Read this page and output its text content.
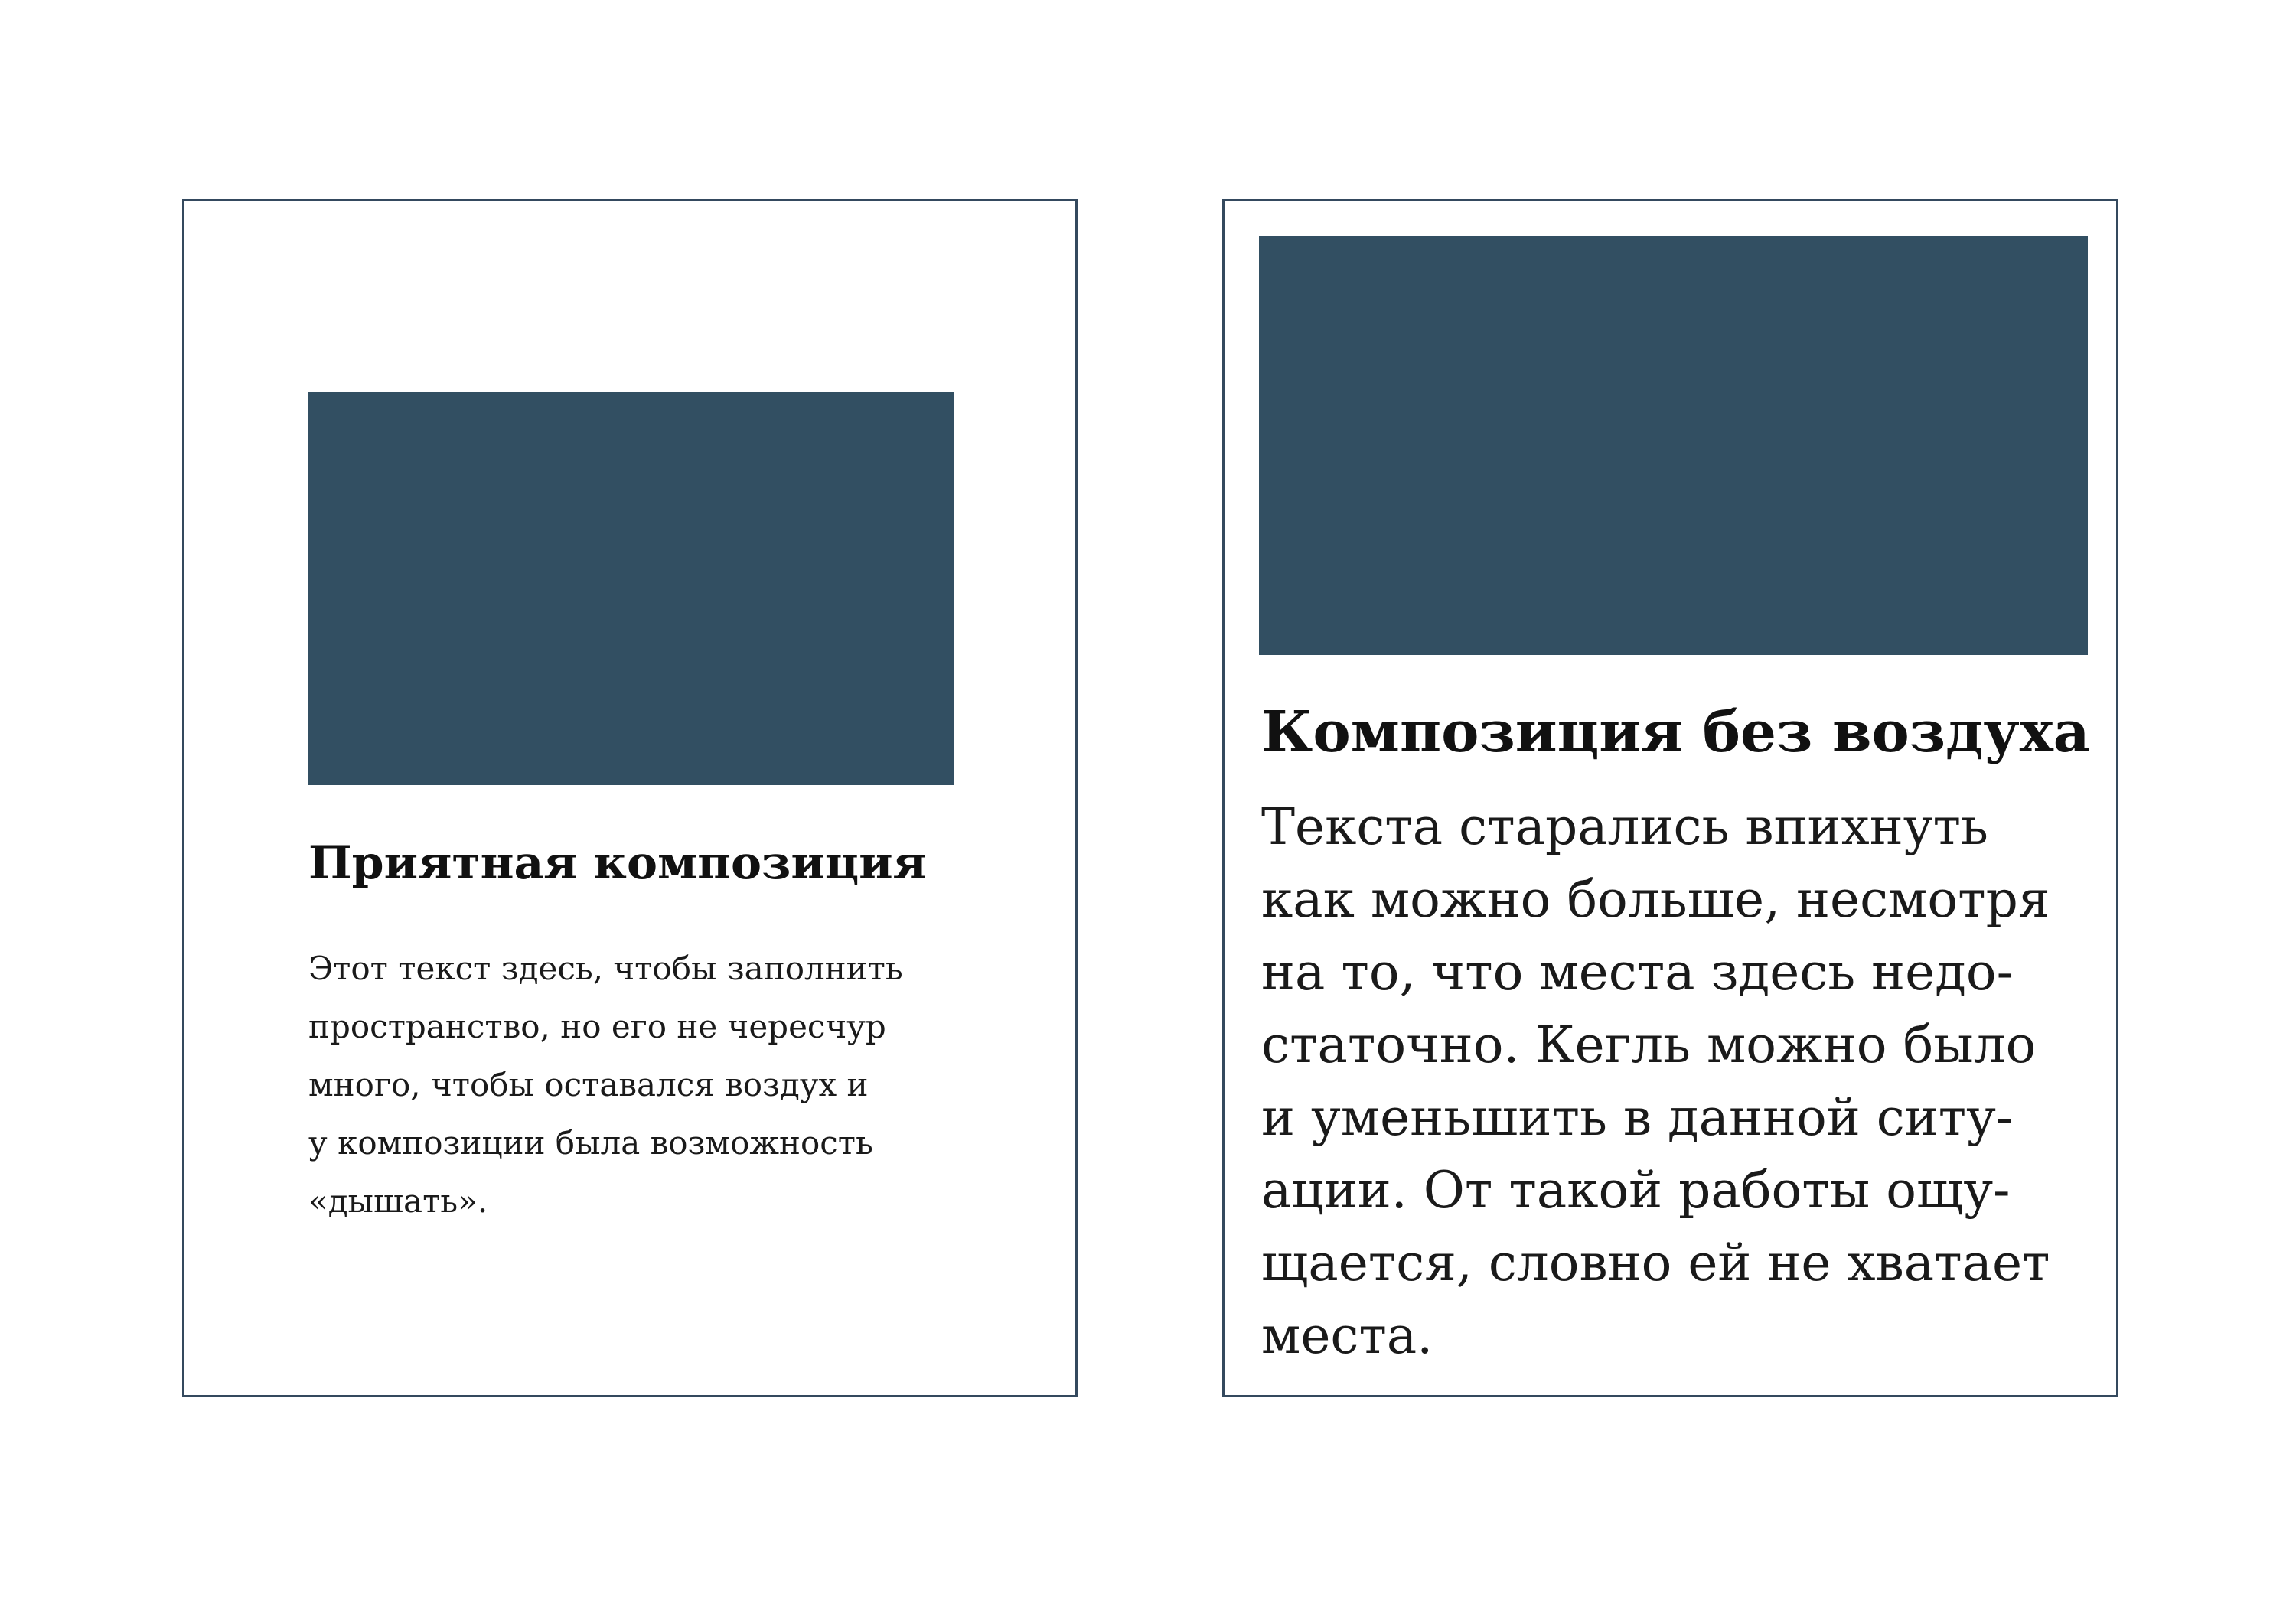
Приятная композиция

Этот текст здесь, чтобы заполнить
пространство, но его не чересчур
много, чтобы оставался воздух и
у композиции была возможность
«дышать».

Композиция без воздуха

Текста старались впихнуть
как можно больше, несмотря
на то, что места здесь недо-
статочно. Кегль можно было
и уменьшить в данной ситу-
ации. От такой работы ощу-
щается, словно ей не хватает
места.
